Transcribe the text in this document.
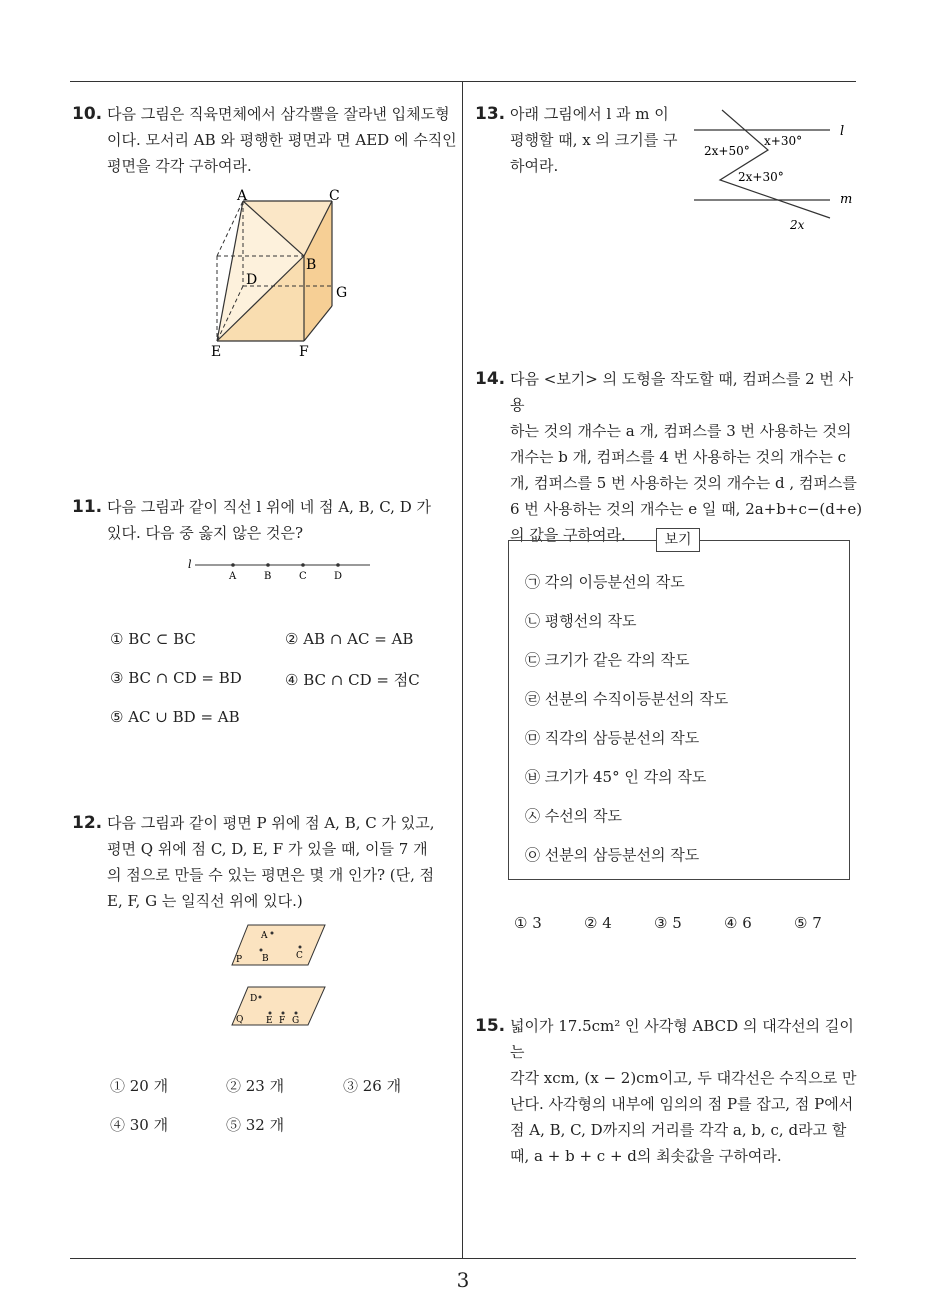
3
10. 다음 그림은 직육면체에서 삼각뿔을 잘라낸 입체도형
이다. 모서리 AB 와 평행한 평면과 면 AED 에 수직인
평면을 각각 구하여라.
A	C
B
D
G
E	F
11. 다음 그림과 같이 직선 l 위에 네 점 A, B, C, D 가
있다. 다음 중 옳지 않은 것은?
l
A	B	C	D
① BC ⊂ BC	② AB ∩ AC = AB
③ BC ∩ CD = BD	④ BC ∩ CD = 점C
⑤ AC ∪ BD = AB
12. 다음 그림과 같이 평면 P 위에 점 A, B, C 가 있고,
평면 Q 위에 점 C, D, E, F 가 있을 때, 이들 7 개
의 점으로 만들 수 있는 평면은 몇 개 인가? (단, 점
E, F, G 는 일직선 위에 있다.)
A
P B	C
D
Q	E F G
① 20 개	② 23 개	③ 26 개
④ 30 개	⑤ 32 개
13. 아래 그림에서 l 과 m 이
평행할 때, x 의 크기를 구
하여라.
x+30°
l
2x+50°
2x+30°
m
2x
14. 다음 <보기> 의 도형을 작도할 때, 컴퍼스를 2 번 사용
하는 것의 개수는 a 개, 컴퍼스를 3 번 사용하는 것의
개수는 b 개, 컴퍼스를 4 번 사용하는 것의 개수는 c
개, 컴퍼스를 5 번 사용하는 것의 개수는 d , 컴퍼스를
6 번 사용하는 것의 개수는 e 일 때, 2a+b+c−(d+e)
의 값을 구하여라.	보기
㉠ 각의 이등분선의 작도
㉡ 평행선의 작도
㉢ 크기가 같은 각의 작도
㉣ 선분의 수직이등분선의 작도
㉤ 직각의 삼등분선의 작도
㉥ 크기가 45° 인 각의 작도
㉦ 수선의 작도
㉧ 선분의 삼등분선의 작도
① 3	② 4	③ 5	④ 6	⑤ 7
15. 넓이가 17.5cm² 인 사각형 ABCD 의 대각선의 길이는
각각 xcm, (x − 2)cm이고, 두 대각선은 수직으로 만
난다. 사각형의 내부에 임의의 점 P를 잡고, 점 P에서
점 A, B, C, D까지의 거리를 각각 a, b, c, d라고 할
때, a + b + c + d의 최솟값을 구하여라.
